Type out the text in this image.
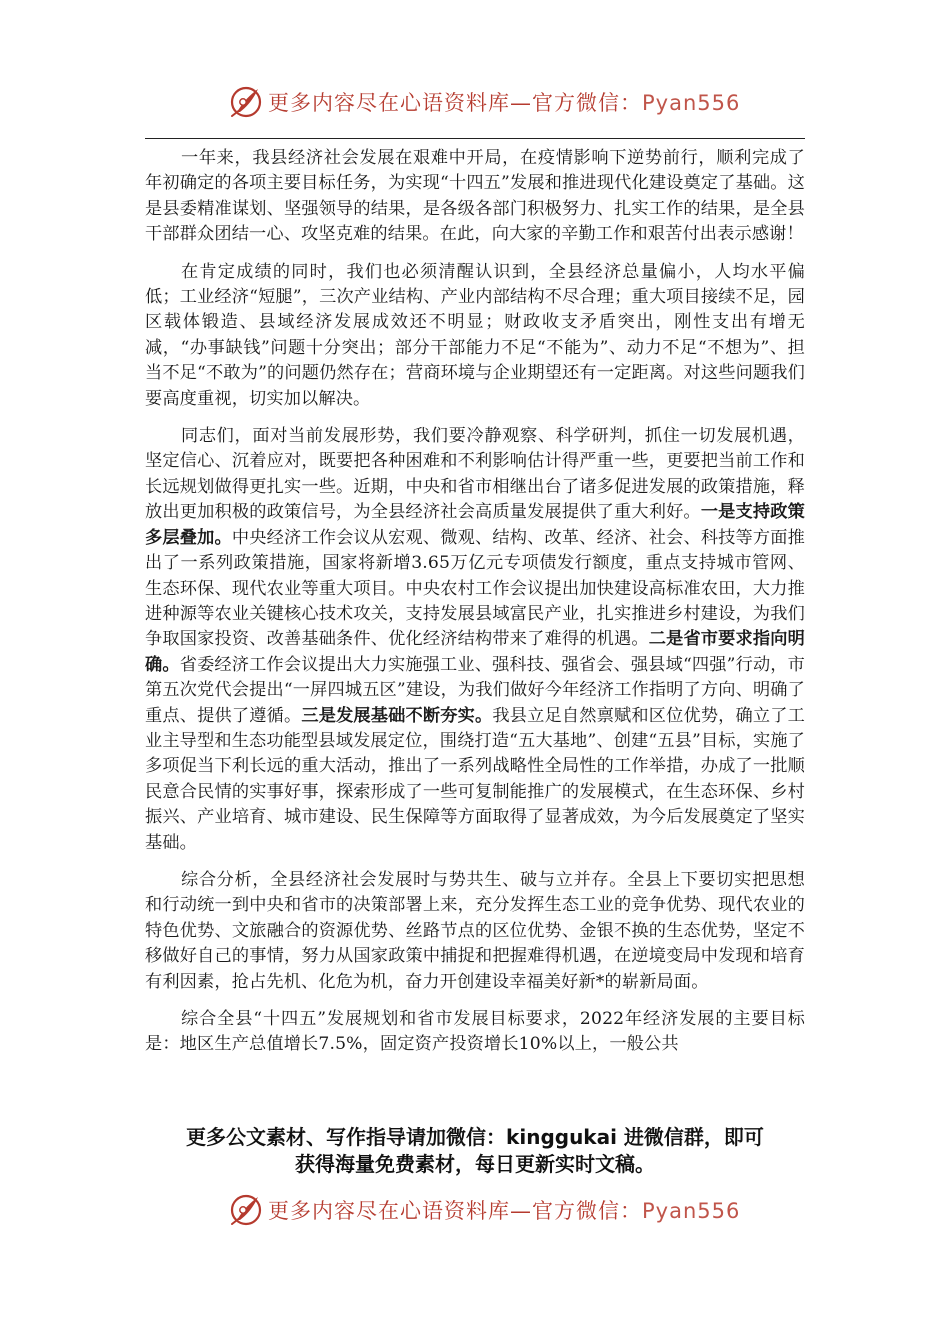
更多内容尽在心语资料库—官方微信：Pyan556

一年来，我县经济社会发展在艰难中开局，在疫情影响下逆势前行，顺利完成了年初确定的各项主要目标任务，为实现“十四五”发展和推进现代化建设奠定了基础。这是县委精准谋划、坚强领导的结果，是各级各部门积极努力、扎实工作的结果，是全县干部群众团结一心、攻坚克难的结果。在此，向大家的辛勤工作和艰苦付出表示感谢！

在肯定成绩的同时，我们也必须清醒认识到，全县经济总量偏小，人均水平偏低；工业经济“短腿”，三次产业结构、产业内部结构不尽合理；重大项目接续不足，园区载体锻造、县域经济发展成效还不明显；财政收支矛盾突出，刚性支出有增无减，“办事缺钱”问题十分突出；部分干部能力不足“不能为”、动力不足“不想为”、担当不足“不敢为”的问题仍然存在；营商环境与企业期望还有一定距离。对这些问题我们要高度重视，切实加以解决。

同志们，面对当前发展形势，我们要冷静观察、科学研判，抓住一切发展机遇，坚定信心、沉着应对，既要把各种困难和不利影响估计得严重一些，更要把当前工作和长远规划做得更扎实一些。近期，中央和省市相继出台了诸多促进发展的政策措施，释放出更加积极的政策信号，为全县经济社会高质量发展提供了重大利好。一是支持政策多层叠加。中央经济工作会议从宏观、微观、结构、改革、经济、社会、科技等方面推出了一系列政策措施，国家将新增3.65万亿元专项债发行额度，重点支持城市管网、生态环保、现代农业等重大项目。中央农村工作会议提出加快建设高标准农田，大力推进种源等农业关键核心技术攻关，支持发展县域富民产业，扎实推进乡村建设，为我们争取国家投资、改善基础条件、优化经济结构带来了难得的机遇。二是省市要求指向明确。省委经济工作会议提出大力实施强工业、强科技、强省会、强县域“四强”行动，市第五次党代会提出“一屏四城五区”建设，为我们做好今年经济工作指明了方向、明确了重点、提供了遵循。三是发展基础不断夯实。我县立足自然禀赋和区位优势，确立了工业主导型和生态功能型县域发展定位，围绕打造“五大基地”、创建“五县”目标，实施了多项促当下利长远的重大活动，推出了一系列战略性全局性的工作举措，办成了一批顺民意合民情的实事好事，探索形成了一些可复制能推广的发展模式，在生态环保、乡村振兴、产业培育、城市建设、民生保障等方面取得了显著成效，为今后发展奠定了坚实基础。

综合分析，全县经济社会发展时与势共生、破与立并存。全县上下要切实把思想和行动统一到中央和省市的决策部署上来，充分发挥生态工业的竞争优势、现代农业的特色优势、文旅融合的资源优势、丝路节点的区位优势、金银不换的生态优势，坚定不移做好自己的事情，努力从国家政策中捕捉和把握难得机遇，在逆境变局中发现和培育有利因素，抢占先机、化危为机，奋力开创建设幸福美好新*的崭新局面。

综合全县“十四五”发展规划和省市发展目标要求，2022年经济发展的主要目标是：地区生产总值增长7.5%，固定资产投资增长10%以上，一般公共

更多公文素材、写作指导请加微信：kinggukai 进微信群，即可
获得海量免费素材，每日更新实时文稿。
更多内容尽在心语资料库—官方微信：Pyan556
